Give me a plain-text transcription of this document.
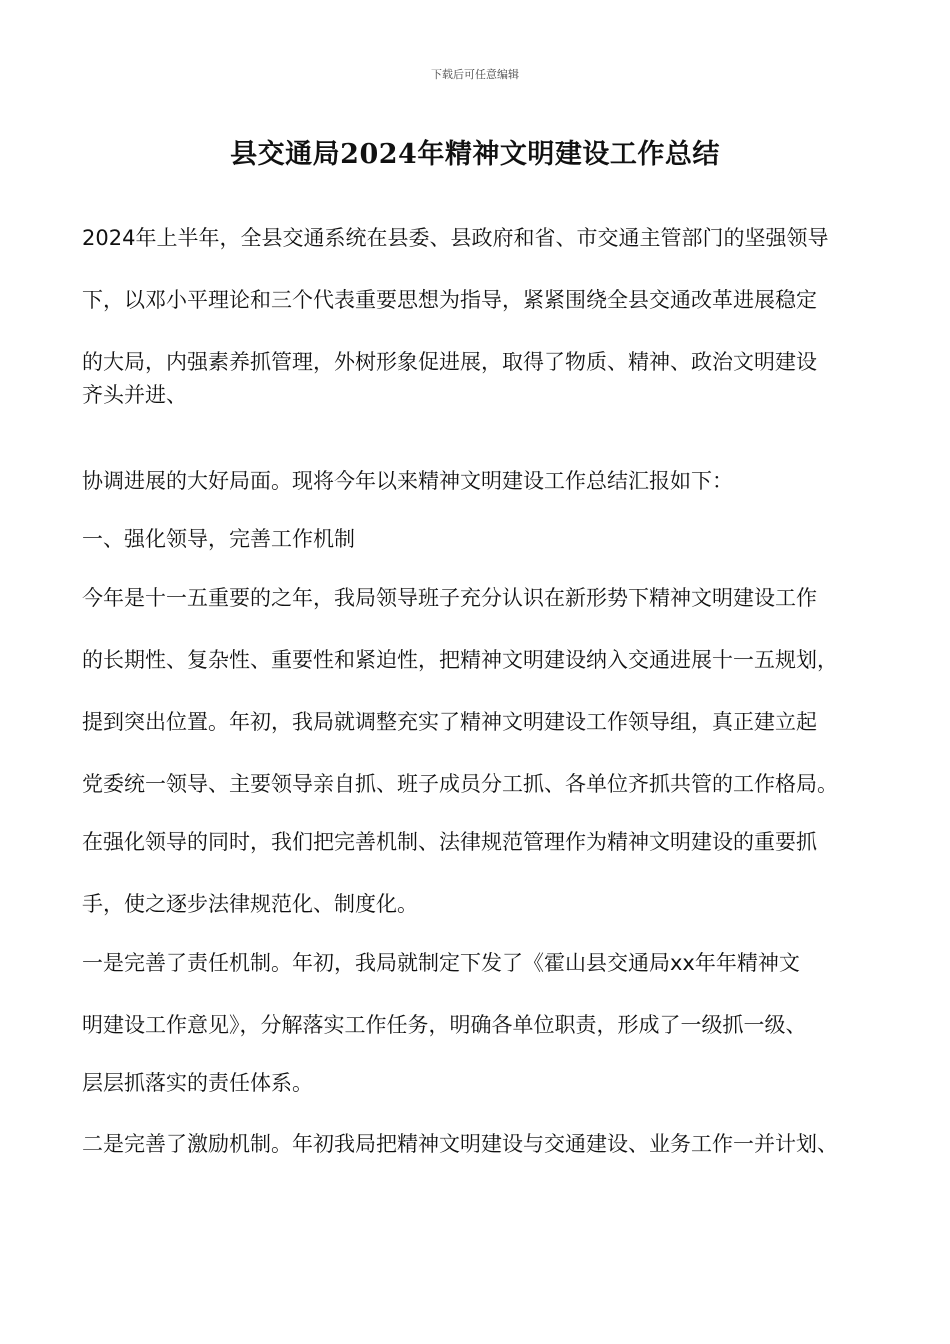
下载后可任意编辑
县交通局2024年精神文明建设工作总结
2024年上半年，全县交通系统在县委、县政府和省、市交通主管部门的坚强领导
下，以邓小平理论和三个代表重要思想为指导，紧紧围绕全县交通改革进展稳定
的大局，内强素养抓管理，外树形象促进展，取得了物质、精神、政治文明建设
齐头并进、
协调进展的大好局面。现将今年以来精神文明建设工作总结汇报如下：
一、强化领导，完善工作机制
今年是十一五重要的之年，我局领导班子充分认识在新形势下精神文明建设工作
的长期性、复杂性、重要性和紧迫性，把精神文明建设纳入交通进展十一五规划，
提到突出位置。年初，我局就调整充实了精神文明建设工作领导组，真正建立起
党委统一领导、主要领导亲自抓、班子成员分工抓、各单位齐抓共管的工作格局。
在强化领导的同时，我们把完善机制、法律规范管理作为精神文明建设的重要抓
手，使之逐步法律规范化、制度化。
一是完善了责任机制。年初，我局就制定下发了《霍山县交通局xx年年精神文
明建设工作意见》，分解落实工作任务，明确各单位职责，形成了一级抓一级、
层层抓落实的责任体系。
二是完善了激励机制。年初我局把精神文明建设与交通建设、业务工作一并计划、
